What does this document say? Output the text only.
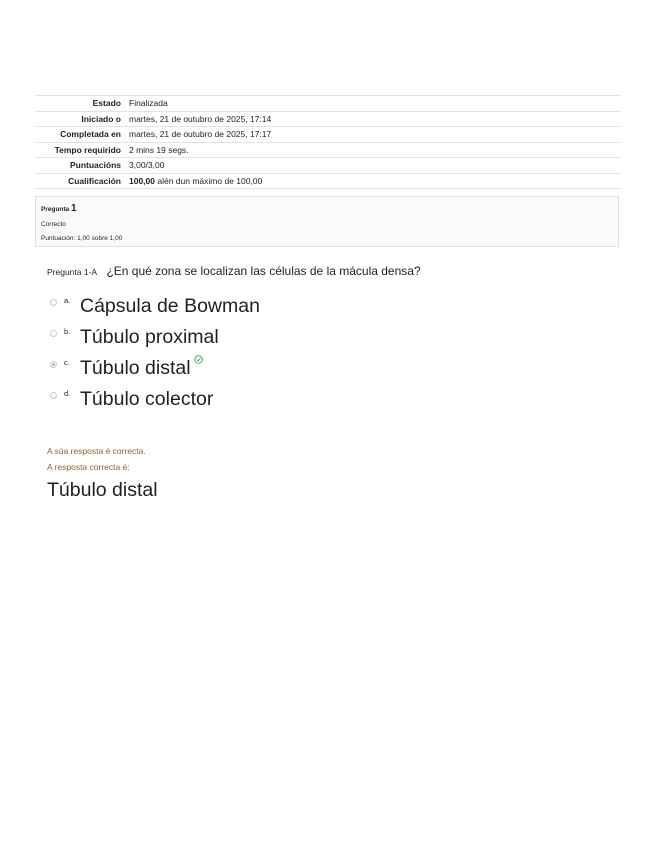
Estado	Finalizada
Iniciado o	martes, 21 de outubro de 2025, 17:14
Completada en	martes, 21 de outubro de 2025, 17:17
Tempo requirido	2 mins 19 segs.
Puntuacións	3,00/3,00
Cualificación	100,00 alén dun máximo de 100,00
Pregunta 1
Correcto
Puntuación: 1,00 sobre 1,00
Pregunta 1-A ¿En qué zona se localizan las células de la mácula densa?
a. Cápsula de Bowman
b. Túbulo proximal
c. Túbulo distal
d. Túbulo colector
A súa resposta é correcta.
A resposta correcta é:
Túbulo distal
